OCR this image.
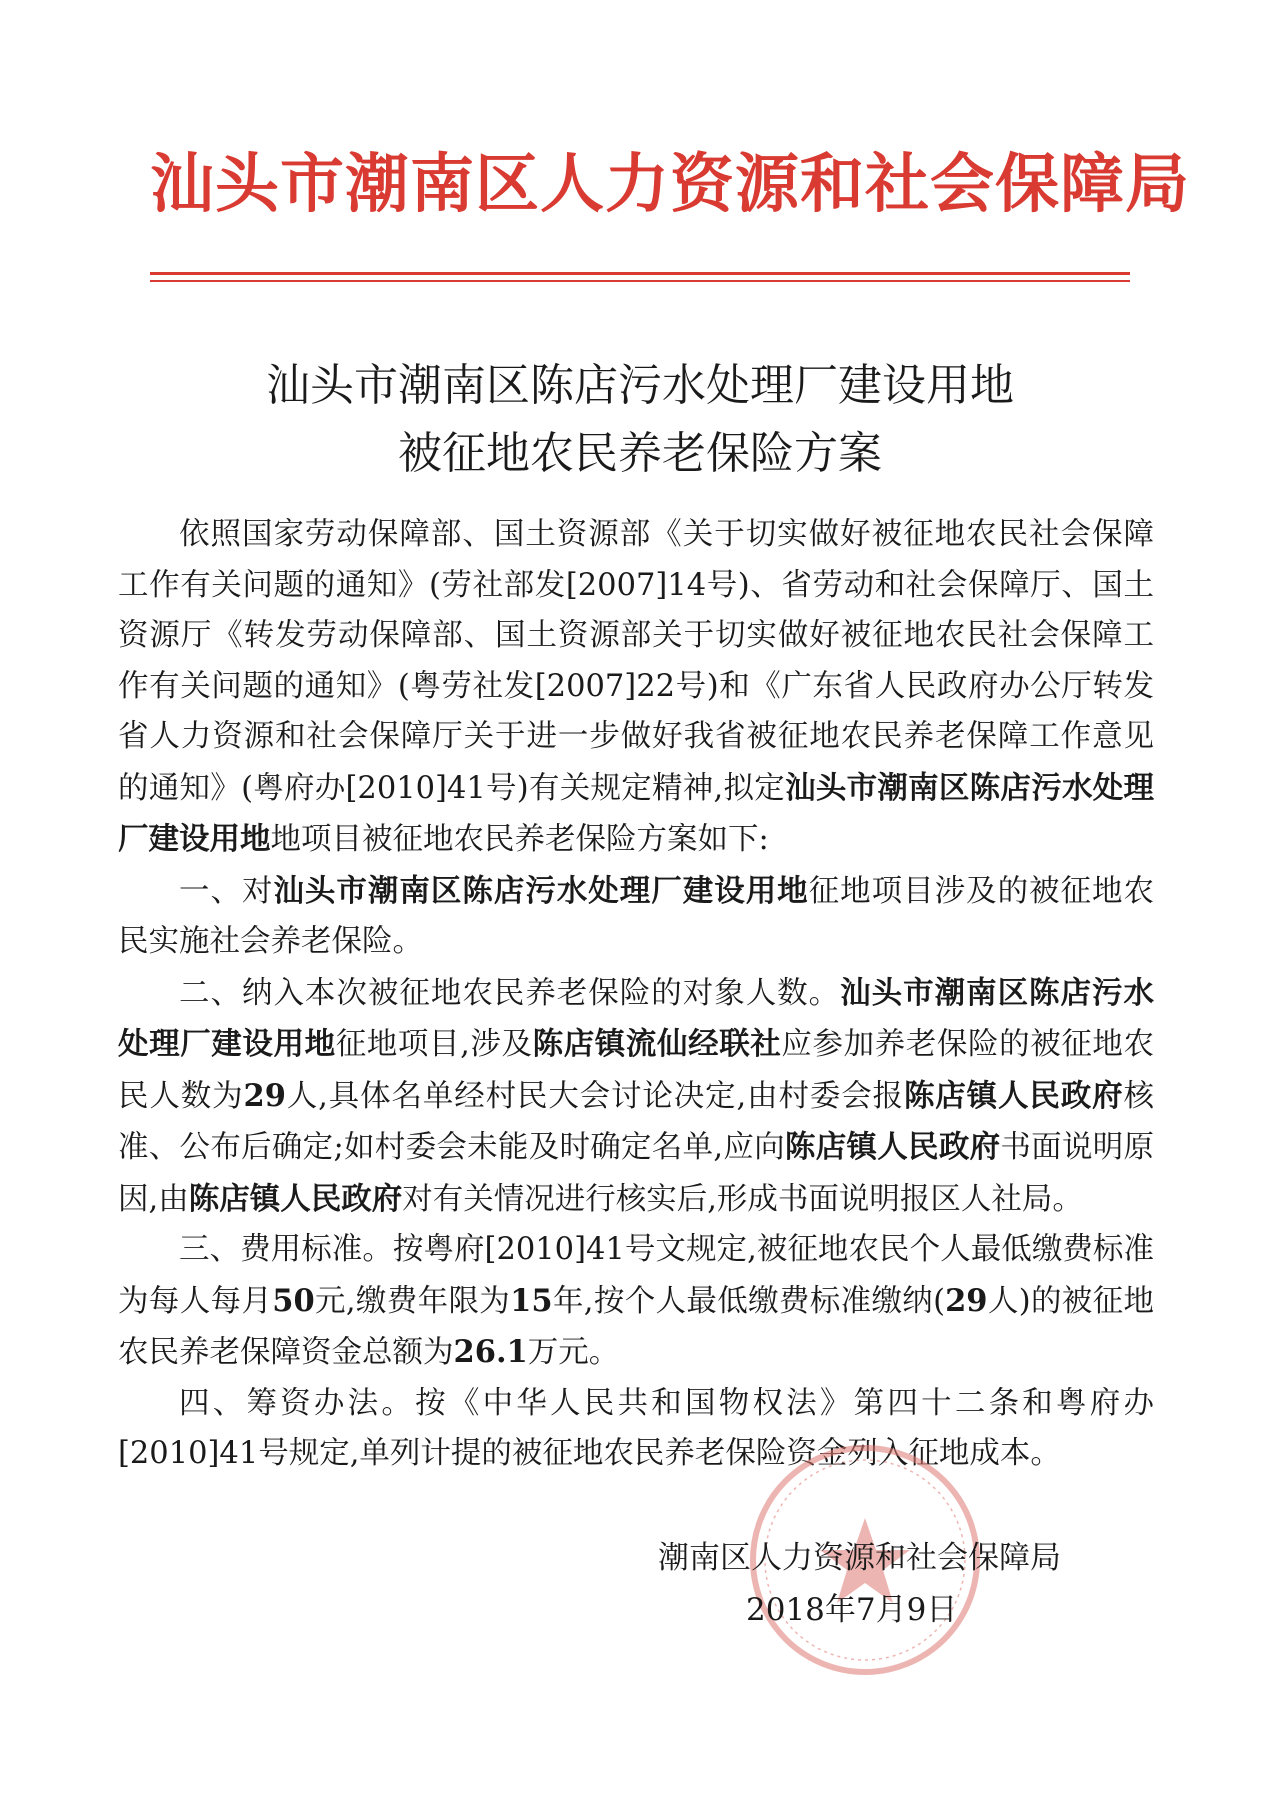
汕头市潮南区人力资源和社会保障局
汕头市潮南区陈店污水处理厂建设用地
被征地农民养老保险方案

依照国家劳动保障部、国土资源部《关于切实做好被征地农民社会保障工作有关问题的通知》(劳社部发[2007]14号)、省劳动和社会保障厅、国土资源厅《转发劳动保障部、国土资源部关于切实做好被征地农民社会保障工作有关问题的通知》(粤劳社发[2007]22号)和《广东省人民政府办公厅转发省人力资源和社会保障厅关于进一步做好我省被征地农民养老保障工作意见的通知》(粤府办[2010]41号)有关规定精神,拟定汕头市潮南区陈店污水处理厂建设用地地项目被征地农民养老保险方案如下:

一、对汕头市潮南区陈店污水处理厂建设用地征地项目涉及的被征地农民实施社会养老保险。

二、纳入本次被征地农民养老保险的对象人数。汕头市潮南区陈店污水处理厂建设用地征地项目,涉及陈店镇流仙经联社应参加养老保险的被征地农民人数为29人,具体名单经村民大会讨论决定,由村委会报陈店镇人民政府核准、公布后确定;如村委会未能及时确定名单,应向陈店镇人民政府书面说明原因,由陈店镇人民政府对有关情况进行核实后,形成书面说明报区人社局。

三、费用标准。按粤府[2010]41号文规定,被征地农民个人最低缴费标准为每人每月50元,缴费年限为15年,按个人最低缴费标准缴纳(29人)的被征地农民养老保障资金总额为26.1万元。

四、筹资办法。按《中华人民共和国物权法》第四十二条和粤府办[2010]41号规定,单列计提的被征地农民养老保险资金列入征地成本。

潮南区人力资源和社会保障局
2018年7月9日
